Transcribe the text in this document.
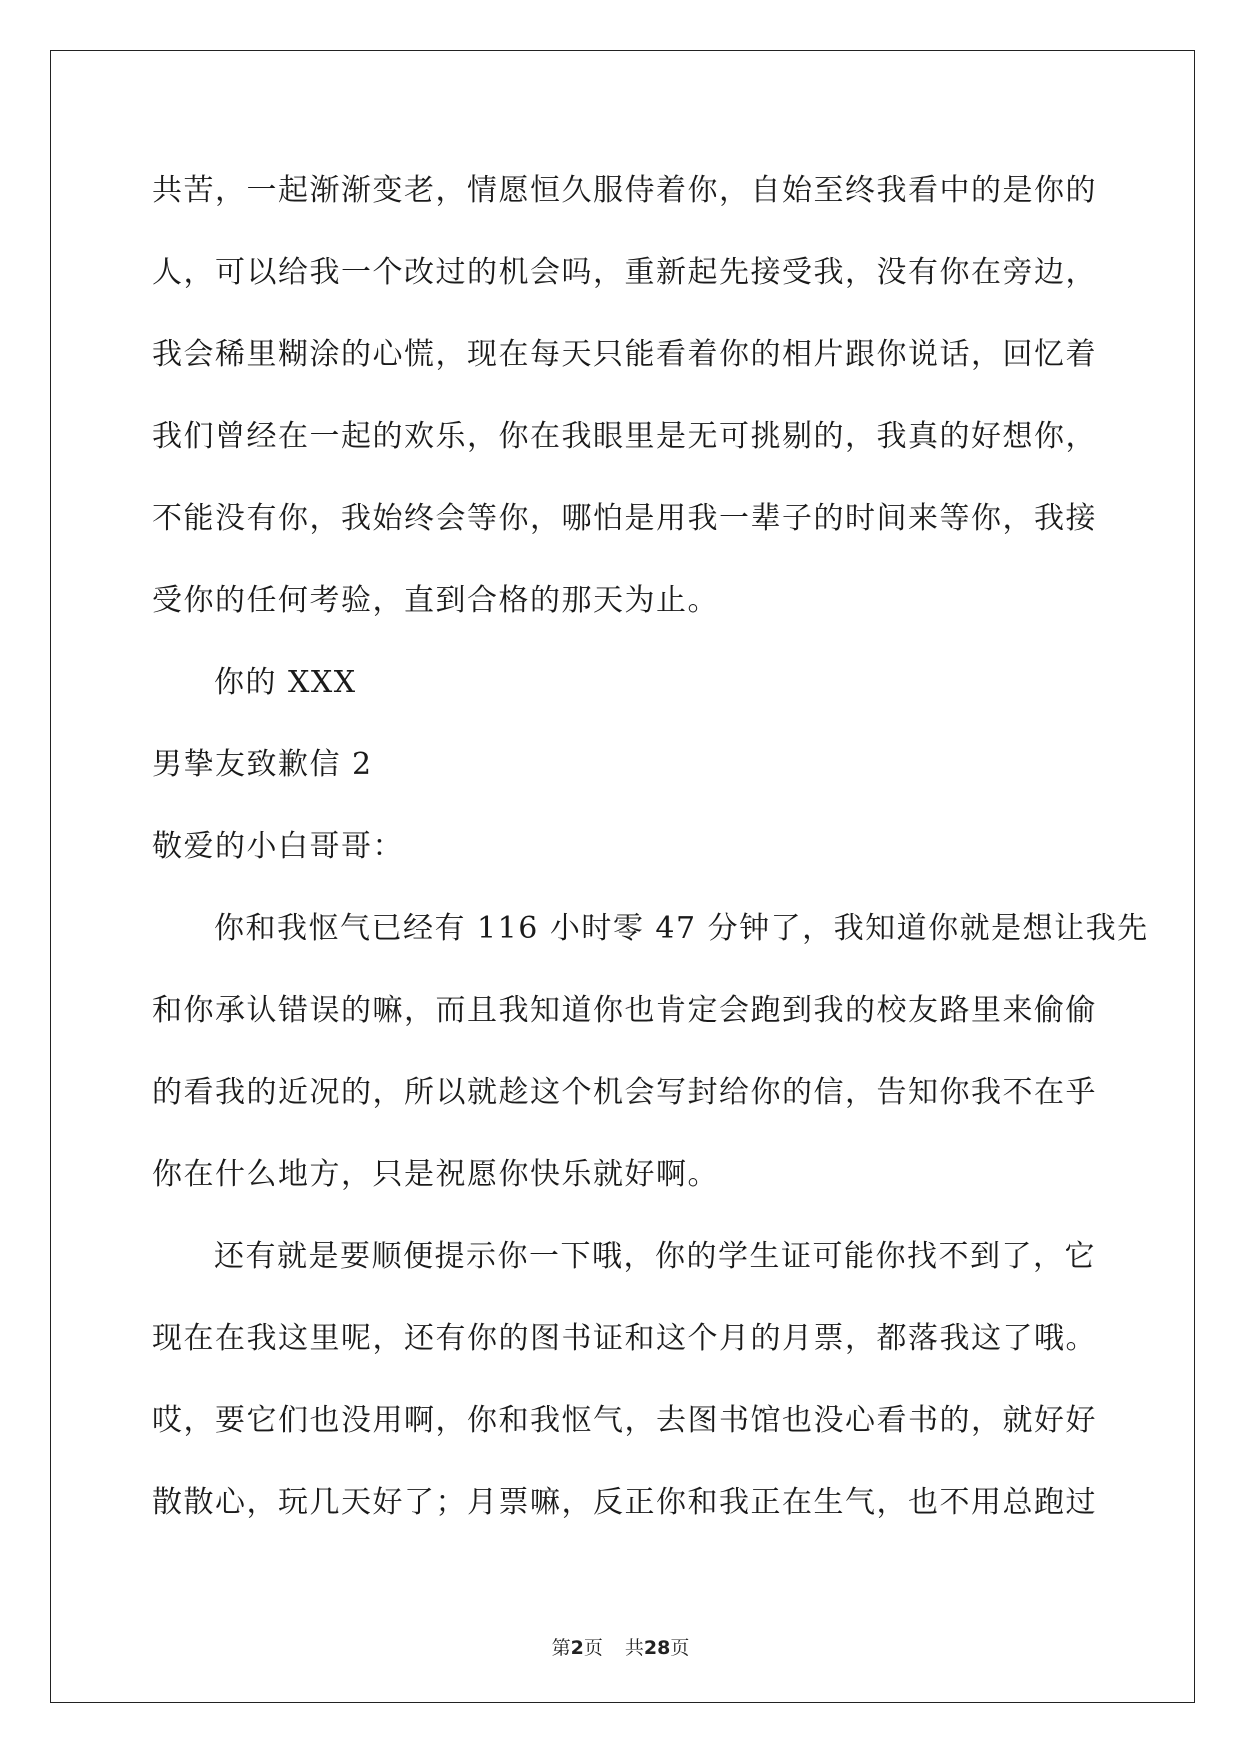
共苦，一起渐渐变老，情愿恒久服侍着你，自始至终我看中的是你的
人，可以给我一个改过的机会吗，重新起先接受我，没有你在旁边，
我会稀里糊涂的心慌，现在每天只能看着你的相片跟你说话，回忆着
我们曾经在一起的欢乐，你在我眼里是无可挑剔的，我真的好想你，
不能没有你，我始终会等你，哪怕是用我一辈子的时间来等你，我接
受你的任何考验，直到合格的那天为止。
你的 XXX
男挚友致歉信 2
敬爱的小白哥哥：
你和我怄气已经有 116 小时零 47 分钟了，我知道你就是想让我先
和你承认错误的嘛，而且我知道你也肯定会跑到我的校友路里来偷偷
的看我的近况的，所以就趁这个机会写封给你的信，告知你我不在乎
你在什么地方，只是祝愿你快乐就好啊。
还有就是要顺便提示你一下哦，你的学生证可能你找不到了，它
现在在我这里呢，还有你的图书证和这个月的月票，都落我这了哦。
哎，要它们也没用啊，你和我怄气，去图书馆也没心看书的，就好好
散散心，玩几天好了；月票嘛，反正你和我正在生气，也不用总跑过
第2页 共28页
